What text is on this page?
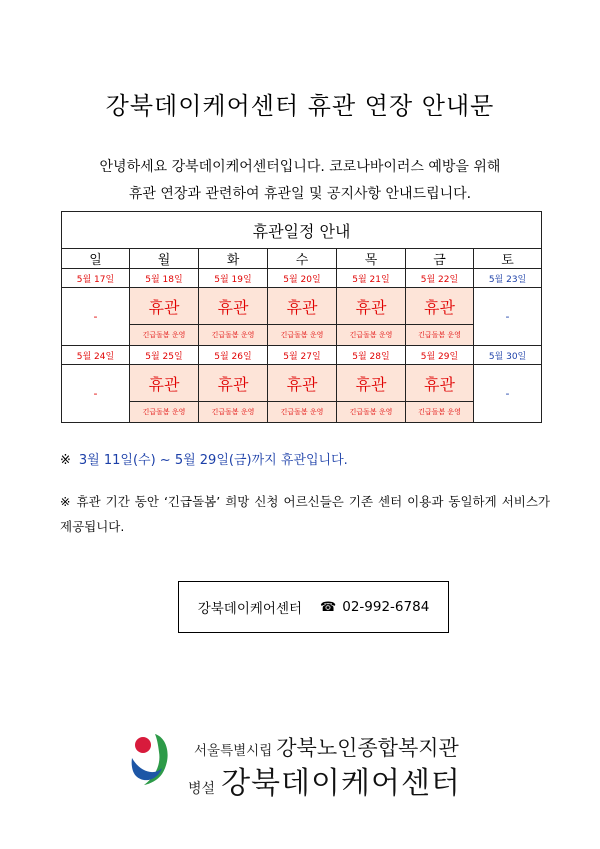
강북데이케어센터 휴관 연장 안내문
안녕하세요 강북데이케어센터입니다. 코로나바이러스 예방을 위해
휴관 연장과 관련하여 휴관일 및 공지사항 안내드립니다.
휴관일정 안내						
일	월	화	수	목	금	토
5월 17일	5월 18일	5월 19일	5월 20일	5월 21일	5월 22일	5월 23일
-	휴관	휴관	휴관	휴관	휴관	-
	긴급돌봄 운영	긴급돌봄 운영	긴급돌봄 운영	긴급돌봄 운영	긴급돌봄 운영	
5월 24일	5월 25일	5월 26일	5월 27일	5월 28일	5월 29일	5월 30일
-	휴관	휴관	휴관	휴관	휴관	-
	긴급돌봄 운영	긴급돌봄 운영	긴급돌봄 운영	긴급돌봄 운영	긴급돌봄 운영	
※ 3월 11일(수) ~ 5월 29일(금)까지 휴관입니다.
※ 휴관 기간 동안 ‘긴급돌봄’ 희망 신청 어르신들은 기존 센터 이용과 동일하게 서비스가 제공됩니다.
강북데이케어센터 ☎ 02-992-6784
서울특별시립 강북노인종합복지관
병설 강북데이케어센터
